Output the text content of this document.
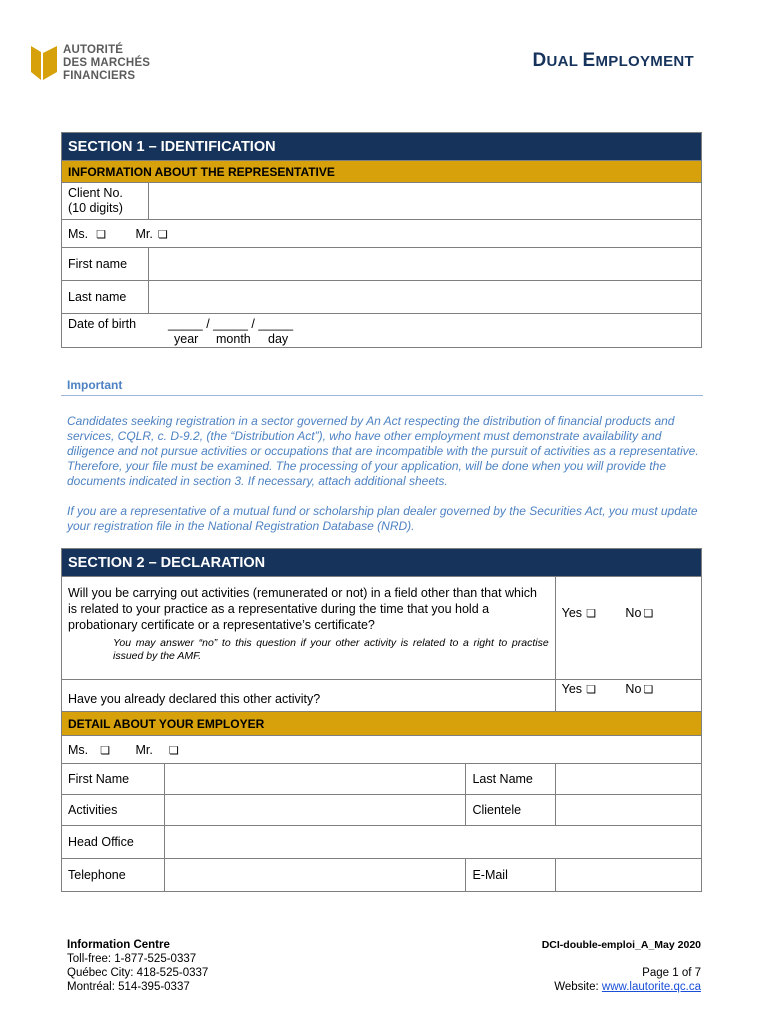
AUTORITÉ
DES MARCHÉS
FINANCIERS
DUAL EMPLOYMENT
SECTION 1 – IDENTIFICATION	
INFORMATION ABOUT THE REPRESENTATIVE	
Client No.
(10 digits)	
Ms. ❏ Mr. ❏	
First name	
Last name	
Date of birth _____ / _____ / _____
year month day	
Important
Candidates seeking registration in a sector governed by An Act respecting the distribution of financial products and services, CQLR, c. D-9.2, (the “Distribution Act”), who have other employment must demonstrate availability and diligence and not pursue activities or occupations that are incompatible with the pursuit of activities as a representative. Therefore, your file must be examined. The processing of your application, will be done when you will provide the documents indicated in section 3. If necessary, attach additional sheets.
If you are a representative of a mutual fund or scholarship plan dealer governed by the Securities Act, you must update your registration file in the National Registration Database (NRD).
SECTION 2 – DECLARATION			
Will you be carrying out activities (remunerated or not) in a field other than that which is related to your practice as a representative during the time that you hold a probationary certificate or a representative’s certificate?			Yes ❏ No ❏

You may answer “no” to this question if your other activity is related to a right to practise issued by the AMF.			

Have you already declared this other activity?			Yes ❏ No ❏
DETAIL ABOUT YOUR EMPLOYER			
Ms. ❏ Mr. ❏			
First Name		Last Name	
Activities		Clientele	
Head Office			
Telephone		E-Mail	
Information Centre
Toll-free: 1-877-525-0337
Québec City: 418-525-0337
Montréal: 514-395-0337
DCI-double-emploi_A_May 2020
Page 1 of 7
Website: www.lautorite.qc.ca
